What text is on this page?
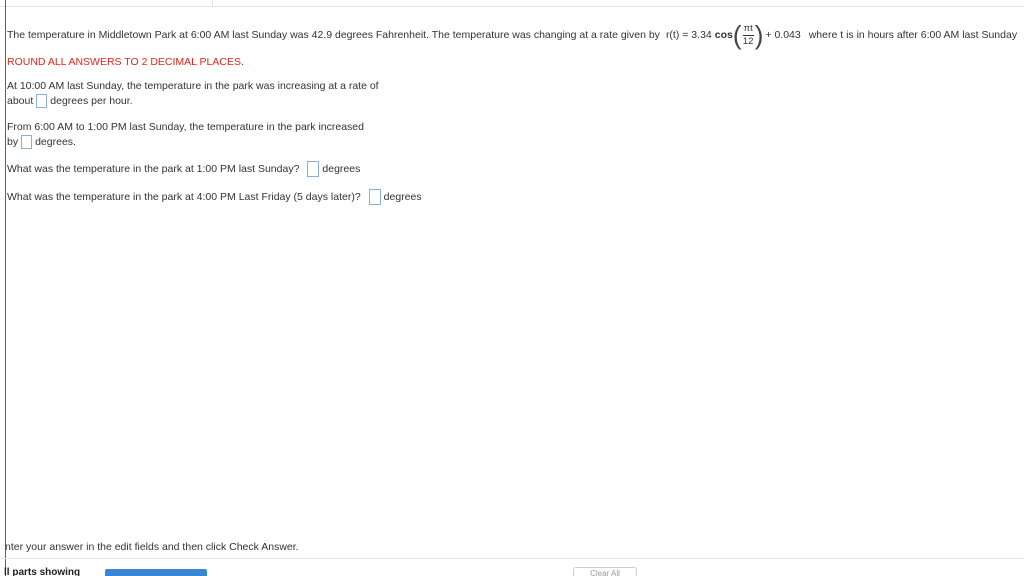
The temperature in Middletown Park at 6:00 AM last Sunday was 42.9 degrees Fahrenheit. The temperature was changing at a rate given by r(t) = 3.34 cos ( $\frac{\pi t}{12}$ ) + 0.043 where t is in hours after 6:00 AM last Sunday
ROUND ALL ANSWERS TO 2 DECIMAL PLACES.
At 10:00 AM last Sunday, the temperature in the park was increasing at a rate of
about degrees per hour.
From 6:00 AM to 1:00 PM last Sunday, the temperature in the park increased
by degrees.
What was the temperature in the park at 1:00 PM last Sunday? degrees
What was the temperature in the park at 4:00 PM Last Friday (5 days later)? degrees
nter your answer in the edit fields and then click Check Answer.
ll parts showing	Clear All
